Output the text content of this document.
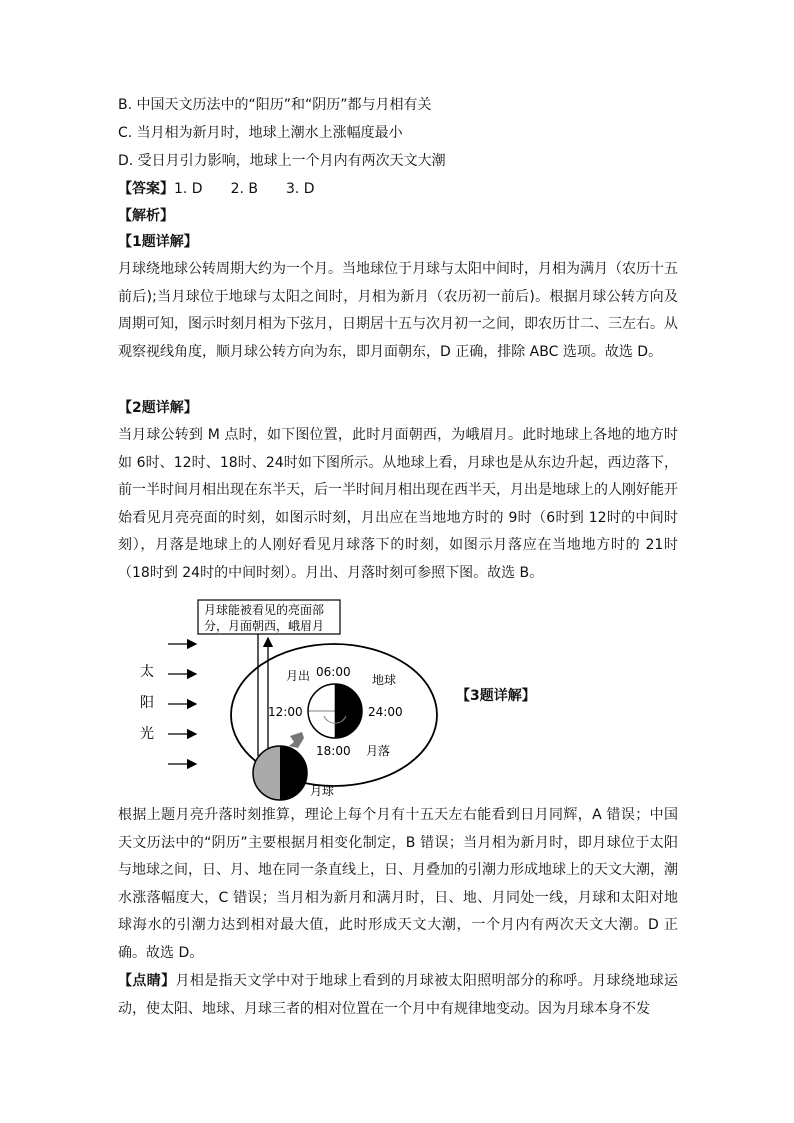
B. 中国天文历法中的“阳历”和“阴历”都与月相有关
C. 当月相为新月时，地球上潮水上涨幅度最小
D. 受日月引力影响，地球上一个月内有两次天文大潮
【答案】1. D　　2. B　　3. D
【解析】
【1题详解】
月球绕地球公转周期大约为一个月。当地球位于月球与太阳中间时，月相为满月（农历十五前后);当月球位于地球与太阳之间时，月相为新月（农历初一前后)。根据月球公转方向及周期可知，图示时刻月相为下弦月，日期居十五与次月初一之间，即农历廿二、三左右。从观察视线角度，顺月球公转方向为东，即月面朝东，D 正确，排除 ABC 选项。故选 D。
【2题详解】
当月球公转到 M 点时，如下图位置，此时月面朝西，为峨眉月。此时地球上各地的地方时如 6时、12时、18时、24时如下图所示。从地球上看，月球也是从东边升起，西边落下，前一半时间月相出现在东半天，后一半时间月相出现在西半天，月出是地球上的人刚好能开始看见月亮亮面的时刻，如图示时刻，月出应在当地地方时的 9时（6时到 12时的中间时刻），月落是地球上的人刚好看见月球落下的时刻，如图示月落应在当地地方时的 21时（18时到 24时的中间时刻）。月出、月落时刻可参照下图。故选 B。
月球能被看见的亮面部
分，月面朝西，峨眉月
太
阳
光
月出	地球
06:00
12:00	24:00
18:00 月落
月球
【3题详解】
根据上题月亮升落时刻推算，理论上每个月有十五天左右能看到日月同辉，A 错误；中国天文历法中的“阴历”主要根据月相变化制定，B 错误；当月相为新月时，即月球位于太阳与地球之间，日、月、地在同一条直线上，日、月叠加的引潮力形成地球上的天文大潮，潮水涨落幅度大，C 错误；当月相为新月和满月时，日、地、月同处一线，月球和太阳对地球海水的引潮力达到相对最大值，此时形成天文大潮，一个月内有两次天文大潮。D 正确。故选 D。
【点睛】月相是指天文学中对于地球上看到的月球被太阳照明部分的称呼。月球绕地球运动，使太阳、地球、月球三者的相对位置在一个月中有规律地变动。因为月球本身不发
